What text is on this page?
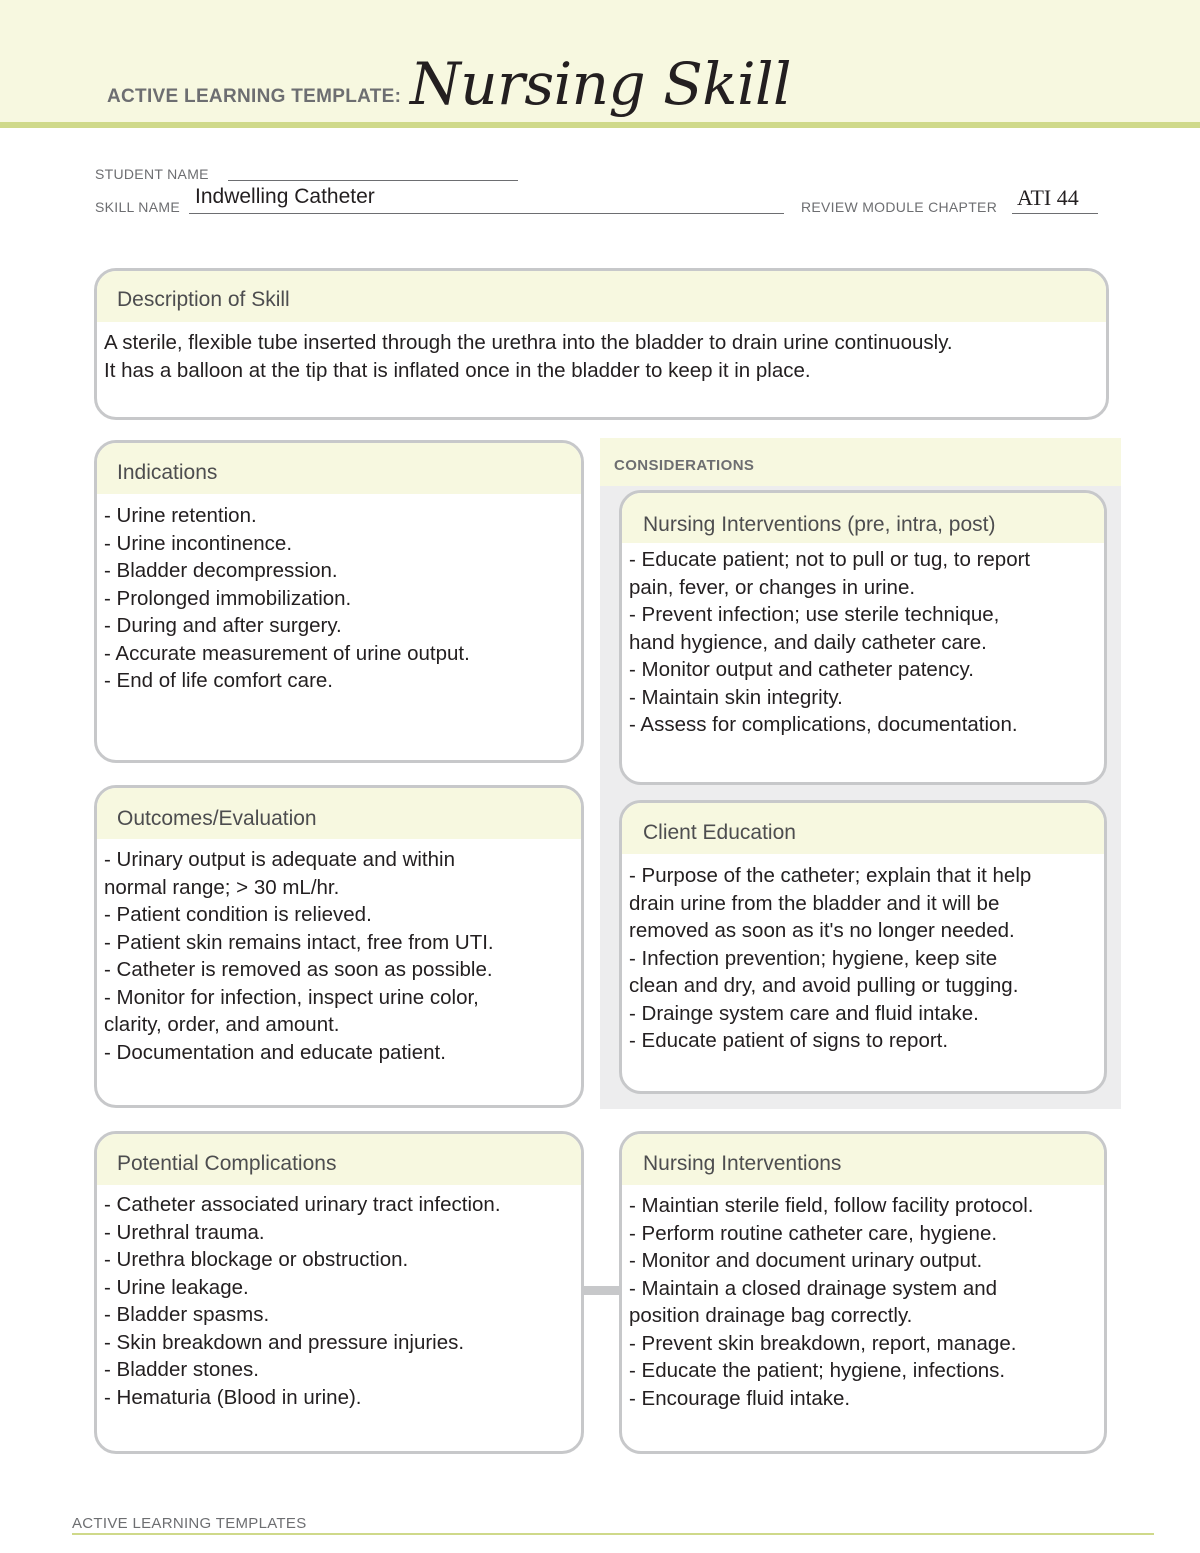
ACTIVE LEARNING TEMPLATE: Nursing Skill
STUDENT NAME
SKILL NAME Indwelling Catheter	REVIEW MODULE CHAPTER ATI 44
Description of Skill
A sterile, flexible tube inserted through the urethra into the bladder to drain urine continuously.
It has a balloon at the tip that is inflated once in the bladder to keep it in place.
Indications
- Urine retention.
- Urine incontinence.
- Bladder decompression.
- Prolonged immobilization.
- During and after surgery.
- Accurate measurement of urine output.
- End of life comfort care.
CONSIDERATIONS
Nursing Interventions (pre, intra, post)
- Educate patient; not to pull or tug, to report
pain, fever, or changes in urine.
- Prevent infection; use sterile technique,
hand hygience, and daily catheter care.
- Monitor output and catheter patency.
- Maintain skin integrity.
- Assess for complications, documentation.
Outcomes/Evaluation
- Urinary output is adequate and within
normal range; > 30 mL/hr.
- Patient condition is relieved.
- Patient skin remains intact, free from UTI.
- Catheter is removed as soon as possible.
- Monitor for infection, inspect urine color,
clarity, order, and amount.
- Documentation and educate patient.
Client Education
- Purpose of the catheter; explain that it help
drain urine from the bladder and it will be
removed as soon as it's no longer needed.
- Infection prevention; hygiene, keep site
clean and dry, and avoid pulling or tugging.
- Drainge system care and fluid intake.
- Educate patient of signs to report.
Potential Complications
- Catheter associated urinary tract infection.
- Urethral trauma.
- Urethra blockage or obstruction.
- Urine leakage.
- Bladder spasms.
- Skin breakdown and pressure injuries.
- Bladder stones.
- Hematuria (Blood in urine).
Nursing Interventions
- Maintian sterile field, follow facility protocol.
- Perform routine catheter care, hygiene.
- Monitor and document urinary output.
- Maintain a closed drainage system and
position drainage bag correctly.
- Prevent skin breakdown, report, manage.
- Educate the patient; hygiene, infections.
- Encourage fluid intake.
ACTIVE LEARNING TEMPLATES
